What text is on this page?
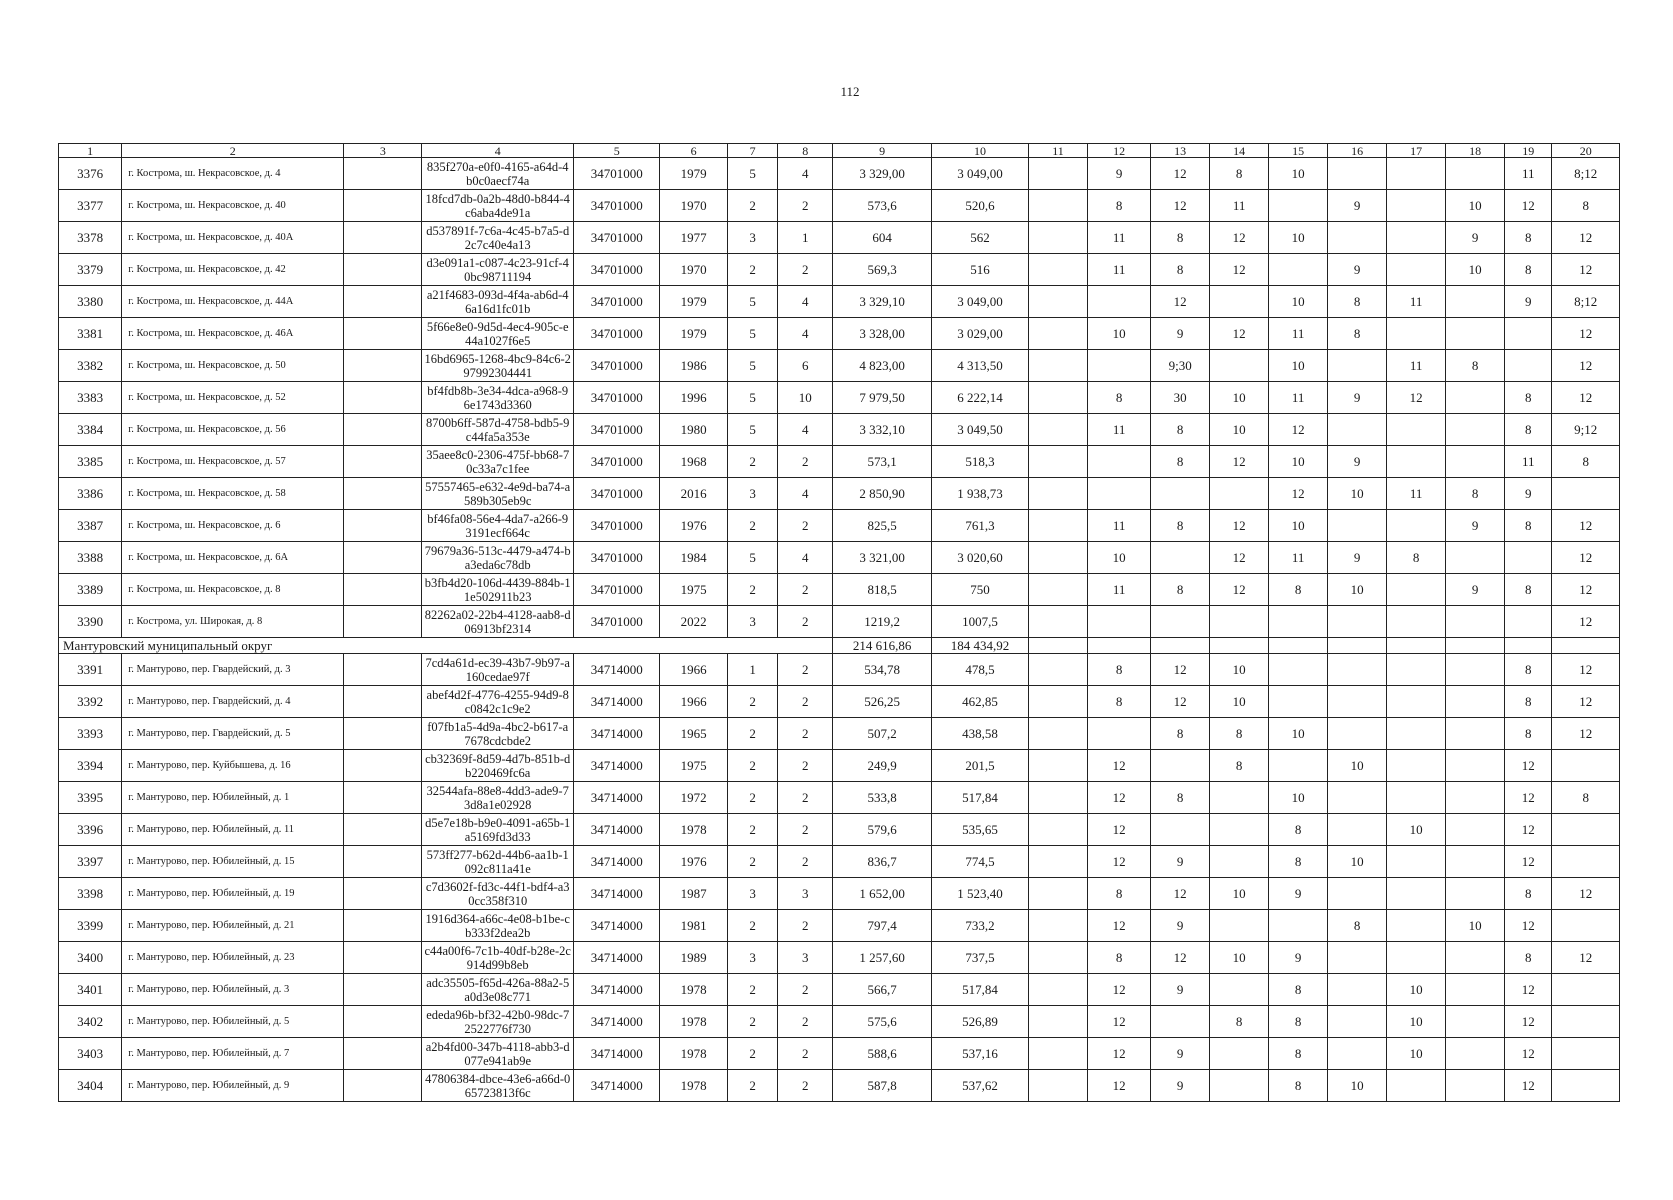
112
1	2	3	4	5	6	7	8	9	10	11	12	13	14	15	16	17	18	19	20
3376	г. Кострома, ш. Некрасовское, д. 4		835f270a-e0f0-4165-a64d-4b0c0aecf74a	34701000	1979	5	4	3 329,00	3 049,00		9	12	8	10				11	8;12
3377	г. Кострома, ш. Некрасовское, д. 40		18fcd7db-0a2b-48d0-b844-4c6aba4de91a	34701000	1970	2	2	573,6	520,6		8	12	11		9		10	12	8
3378	г. Кострома, ш. Некрасовское, д. 40А		d537891f-7c6a-4c45-b7a5-d2c7c40e4a13	34701000	1977	3	1	604	562		11	8	12	10			9	8	12
3379	г. Кострома, ш. Некрасовское, д. 42		d3e091a1-c087-4c23-91cf-40bc98711194	34701000	1970	2	2	569,3	516		11	8	12		9		10	8	12
3380	г. Кострома, ш. Некрасовское, д. 44А		a21f4683-093d-4f4a-ab6d-46a16d1fc01b	34701000	1979	5	4	3 329,10	3 049,00			12		10	8	11		9	8;12
3381	г. Кострома, ш. Некрасовское, д. 46А		5f66e8e0-9d5d-4ec4-905c-e44a1027f6e5	34701000	1979	5	4	3 328,00	3 029,00		10	9	12	11	8				12
3382	г. Кострома, ш. Некрасовское, д. 50		16bd6965-1268-4bc9-84c6-297992304441	34701000	1986	5	6	4 823,00	4 313,50			9;30		10		11	8		12
3383	г. Кострома, ш. Некрасовское, д. 52		bf4fdb8b-3e34-4dca-a968-96e1743d3360	34701000	1996	5	10	7 979,50	6 222,14		8	30	10	11	9	12		8	12
3384	г. Кострома, ш. Некрасовское, д. 56		8700b6ff-587d-4758-bdb5-9c44fa5a353e	34701000	1980	5	4	3 332,10	3 049,50		11	8	10	12				8	9;12
3385	г. Кострома, ш. Некрасовское, д. 57		35aee8c0-2306-475f-bb68-70c33a7c1fee	34701000	1968	2	2	573,1	518,3			8	12	10	9			11	8
3386	г. Кострома, ш. Некрасовское, д. 58		57557465-e632-4e9d-ba74-a589b305eb9c	34701000	2016	3	4	2 850,90	1 938,73					12	10	11	8	9	
3387	г. Кострома, ш. Некрасовское, д. 6		bf46fa08-56e4-4da7-a266-93191ecf664c	34701000	1976	2	2	825,5	761,3		11	8	12	10			9	8	12
3388	г. Кострома, ш. Некрасовское, д. 6А		79679a36-513c-4479-a474-ba3eda6c78db	34701000	1984	5	4	3 321,00	3 020,60		10		12	11	9	8			12
3389	г. Кострома, ш. Некрасовское, д. 8		b3fb4d20-106d-4439-884b-11e502911b23	34701000	1975	2	2	818,5	750		11	8	12	8	10		9	8	12
3390	г. Кострома, ул. Широкая, д. 8		82262a02-22b4-4128-aab8-d06913bf2314	34701000	2022	3	2	1219,2	1007,5										12
Мантуровский муниципальный округ								214 616,86	184 434,92										
3391	г. Мантурово, пер. Гвардейский, д. 3		7cd4a61d-ec39-43b7-9b97-a160cedae97f	34714000	1966	1	2	534,78	478,5		8	12	10					8	12
3392	г. Мантурово, пер. Гвардейский, д. 4		abef4d2f-4776-4255-94d9-8c0842c1c9e2	34714000	1966	2	2	526,25	462,85		8	12	10					8	12
3393	г. Мантурово, пер. Гвардейский, д. 5		f07fb1a5-4d9a-4bc2-b617-a7678cdcbde2	34714000	1965	2	2	507,2	438,58			8	8	10				8	12
3394	г. Мантурово, пер. Куйбышева, д. 16		cb32369f-8d59-4d7b-851b-db220469fc6a	34714000	1975	2	2	249,9	201,5		12		8		10			12	
3395	г. Мантурово, пер. Юбилейный, д. 1		32544afa-88e8-4dd3-ade9-73d8a1e02928	34714000	1972	2	2	533,8	517,84		12	8		10				12	8
3396	г. Мантурово, пер. Юбилейный, д. 11		d5e7e18b-b9e0-4091-a65b-1a5169fd3d33	34714000	1978	2	2	579,6	535,65		12			8		10		12	
3397	г. Мантурово, пер. Юбилейный, д. 15		573ff277-b62d-44b6-aa1b-1092c811a41e	34714000	1976	2	2	836,7	774,5		12	9		8	10			12	
3398	г. Мантурово, пер. Юбилейный, д. 19		c7d3602f-fd3c-44f1-bdf4-a30cc358f310	34714000	1987	3	3	1 652,00	1 523,40		8	12	10	9				8	12
3399	г. Мантурово, пер. Юбилейный, д. 21		1916d364-a66c-4e08-b1be-cb333f2dea2b	34714000	1981	2	2	797,4	733,2		12	9			8		10	12	
3400	г. Мантурово, пер. Юбилейный, д. 23		c44a00f6-7c1b-40df-b28e-2c914d99b8eb	34714000	1989	3	3	1 257,60	737,5		8	12	10	9				8	12
3401	г. Мантурово, пер. Юбилейный, д. 3		adc35505-f65d-426a-88a2-5a0d3e08c771	34714000	1978	2	2	566,7	517,84		12	9		8		10		12	
3402	г. Мантурово, пер. Юбилейный, д. 5		ededa96b-bf32-42b0-98dc-72522776f730	34714000	1978	2	2	575,6	526,89		12		8	8		10		12	
3403	г. Мантурово, пер. Юбилейный, д. 7		a2b4fd00-347b-4118-abb3-d077e941ab9e	34714000	1978	2	2	588,6	537,16		12	9		8		10		12	
3404	г. Мантурово, пер. Юбилейный, д. 9		47806384-dbce-43e6-a66d-065723813f6c	34714000	1978	2	2	587,8	537,62		12	9		8	10			12	
